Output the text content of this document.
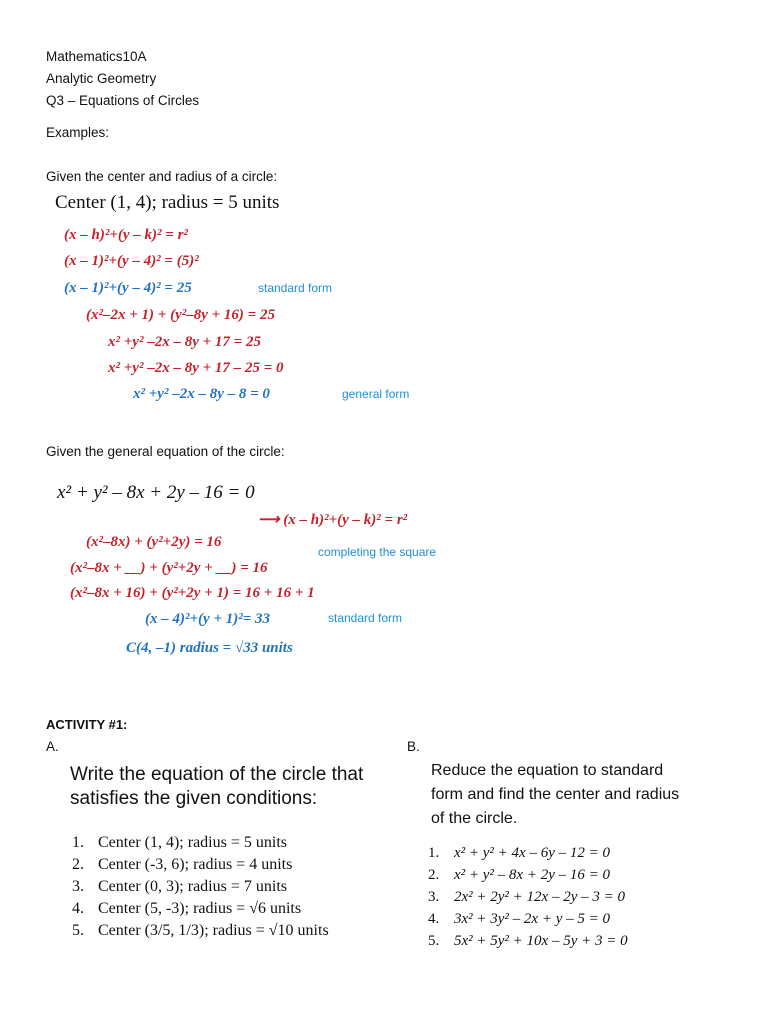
Mathematics10A
Analytic Geometry
Q3 – Equations of Circles
Examples:
Given the center and radius of a circle:
Center (1, 4); radius = 5 units
(x – h)²+(y – k)² = r²
(x – 1)²+(y – 4)² = (5)²
(x – 1)²+(y – 4)² = 25	standard form
(x²–2x + 1) + (y²–8y + 16) = 25
x² +y² –2x – 8y + 17 = 25
x² +y² –2x – 8y + 17 – 25 = 0
x² +y² –2x – 8y – 8 = 0	general form
Given the general equation of the circle:
x² + y² – 8x + 2y – 16 = 0
⟶ (x – h)²+(y – k)² = r²
(x²–8x) + (y²+2y) = 16
completing the square
(x²–8x + __) + (y²+2y + __) = 16
(x²–8x + 16) + (y²+2y + 1) = 16 + 16 + 1
(x – 4)²+(y + 1)²= 33	standard form
C(4, –1) radius = √33 units
ACTIVITY #1:
A.	B.
Write the equation of the circle that
satisfies the given conditions:
1. Center (1, 4); radius = 5 units
2. Center (-3, 6); radius = 4 units
3. Center (0, 3); radius = 7 units
4. Center (5, -3); radius = √6 units
5. Center (3/5, 1/3); radius = √10 units
Reduce the equation to standard
form and find the center and radius
of the circle.
1. x² + y² + 4x – 6y – 12 = 0
2. x² + y² – 8x + 2y – 16 = 0
3. 2x² + 2y² + 12x – 2y – 3 = 0
4. 3x² + 3y² – 2x + y – 5 = 0
5. 5x² + 5y² + 10x – 5y + 3 = 0
